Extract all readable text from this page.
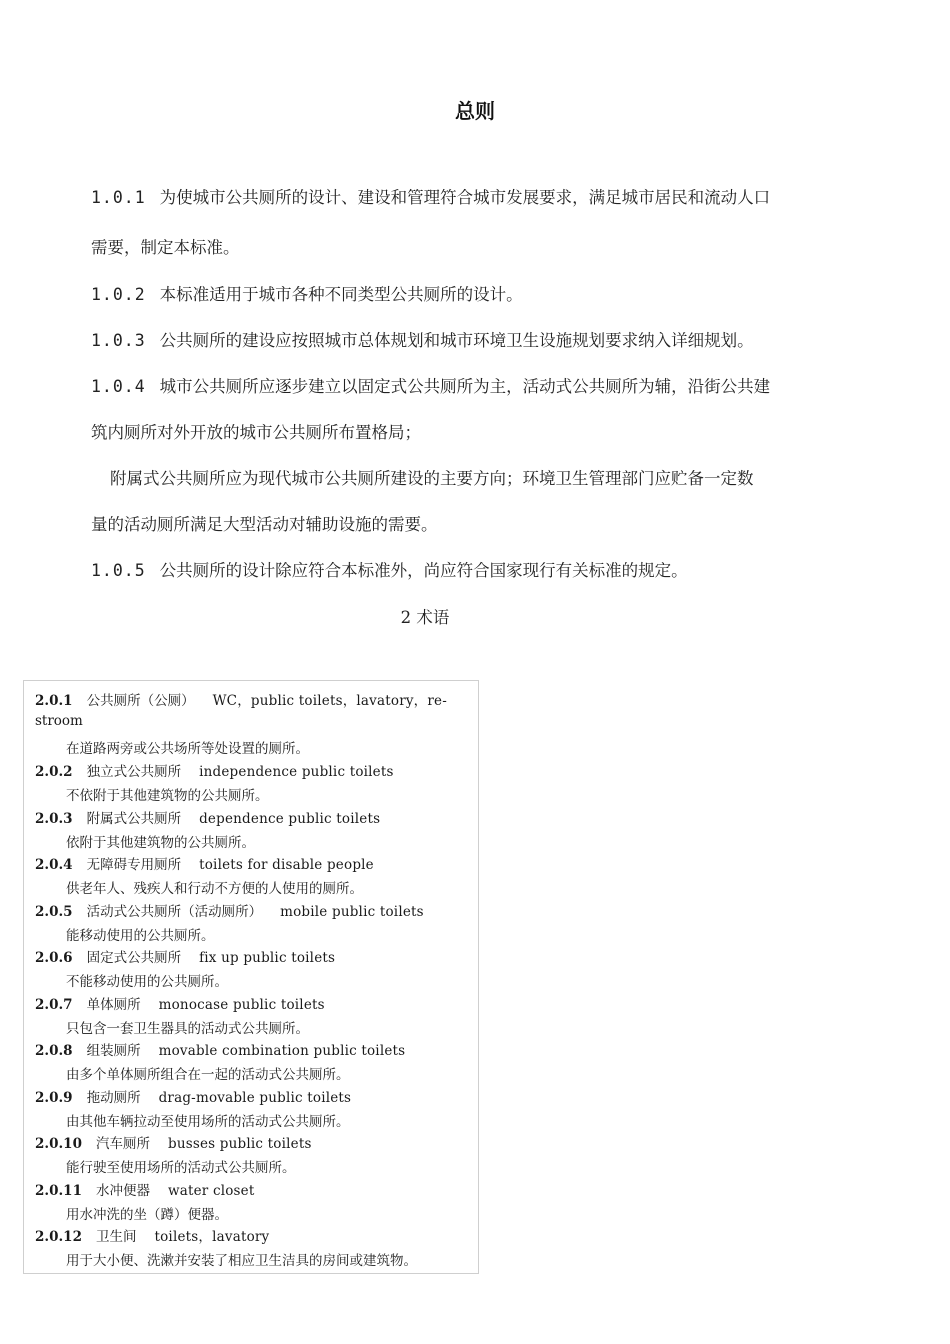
总则
1.0.1 为使城市公共厕所的设计、建设和管理符合城市发展要求，满足城市居民和流动人口
需要，制定本标准。
1.0.2 本标准适用于城市各种不同类型公共厕所的设计。
1.0.3 公共厕所的建设应按照城市总体规划和城市环境卫生设施规划要求纳入详细规划。
1.0.4 城市公共厕所应逐步建立以固定式公共厕所为主，活动式公共厕所为辅，沿街公共建
筑内厕所对外开放的城市公共厕所布置格局；
附属式公共厕所应为现代城市公共厕所建设的主要方向；环境卫生管理部门应贮备一定数
量的活动厕所满足大型活动对辅助设施的需要。
1.0.5 公共厕所的设计除应符合本标准外，尚应符合国家现行有关标准的规定。
2 术语
2.0.1 公共厕所（公厕） WC，public toilets，lavatory，re-
stroom
在道路两旁或公共场所等处设置的厕所。
2.0.2 独立式公共厕所 independence public toilets
不依附于其他建筑物的公共厕所。
2.0.3 附属式公共厕所 dependence public toilets
依附于其他建筑物的公共厕所。
2.0.4 无障碍专用厕所 toilets for disable people
供老年人、残疾人和行动不方便的人使用的厕所。
2.0.5 活动式公共厕所（活动厕所） mobile public toilets
能移动使用的公共厕所。
2.0.6 固定式公共厕所 fix up public toilets
不能移动使用的公共厕所。
2.0.7 单体厕所 monocase public toilets
只包含一套卫生器具的活动式公共厕所。
2.0.8 组装厕所 movable combination public toilets
由多个单体厕所组合在一起的活动式公共厕所。
2.0.9 拖动厕所 drag-movable public toilets
由其他车辆拉动至使用场所的活动式公共厕所。
2.0.10 汽车厕所 busses public toilets
能行驶至使用场所的活动式公共厕所。
2.0.11 水冲便器 water closet
用水冲洗的坐（蹲）便器。
2.0.12 卫生间 toilets，lavatory
用于大小便、洗漱并安装了相应卫生洁具的房间或建筑物。
